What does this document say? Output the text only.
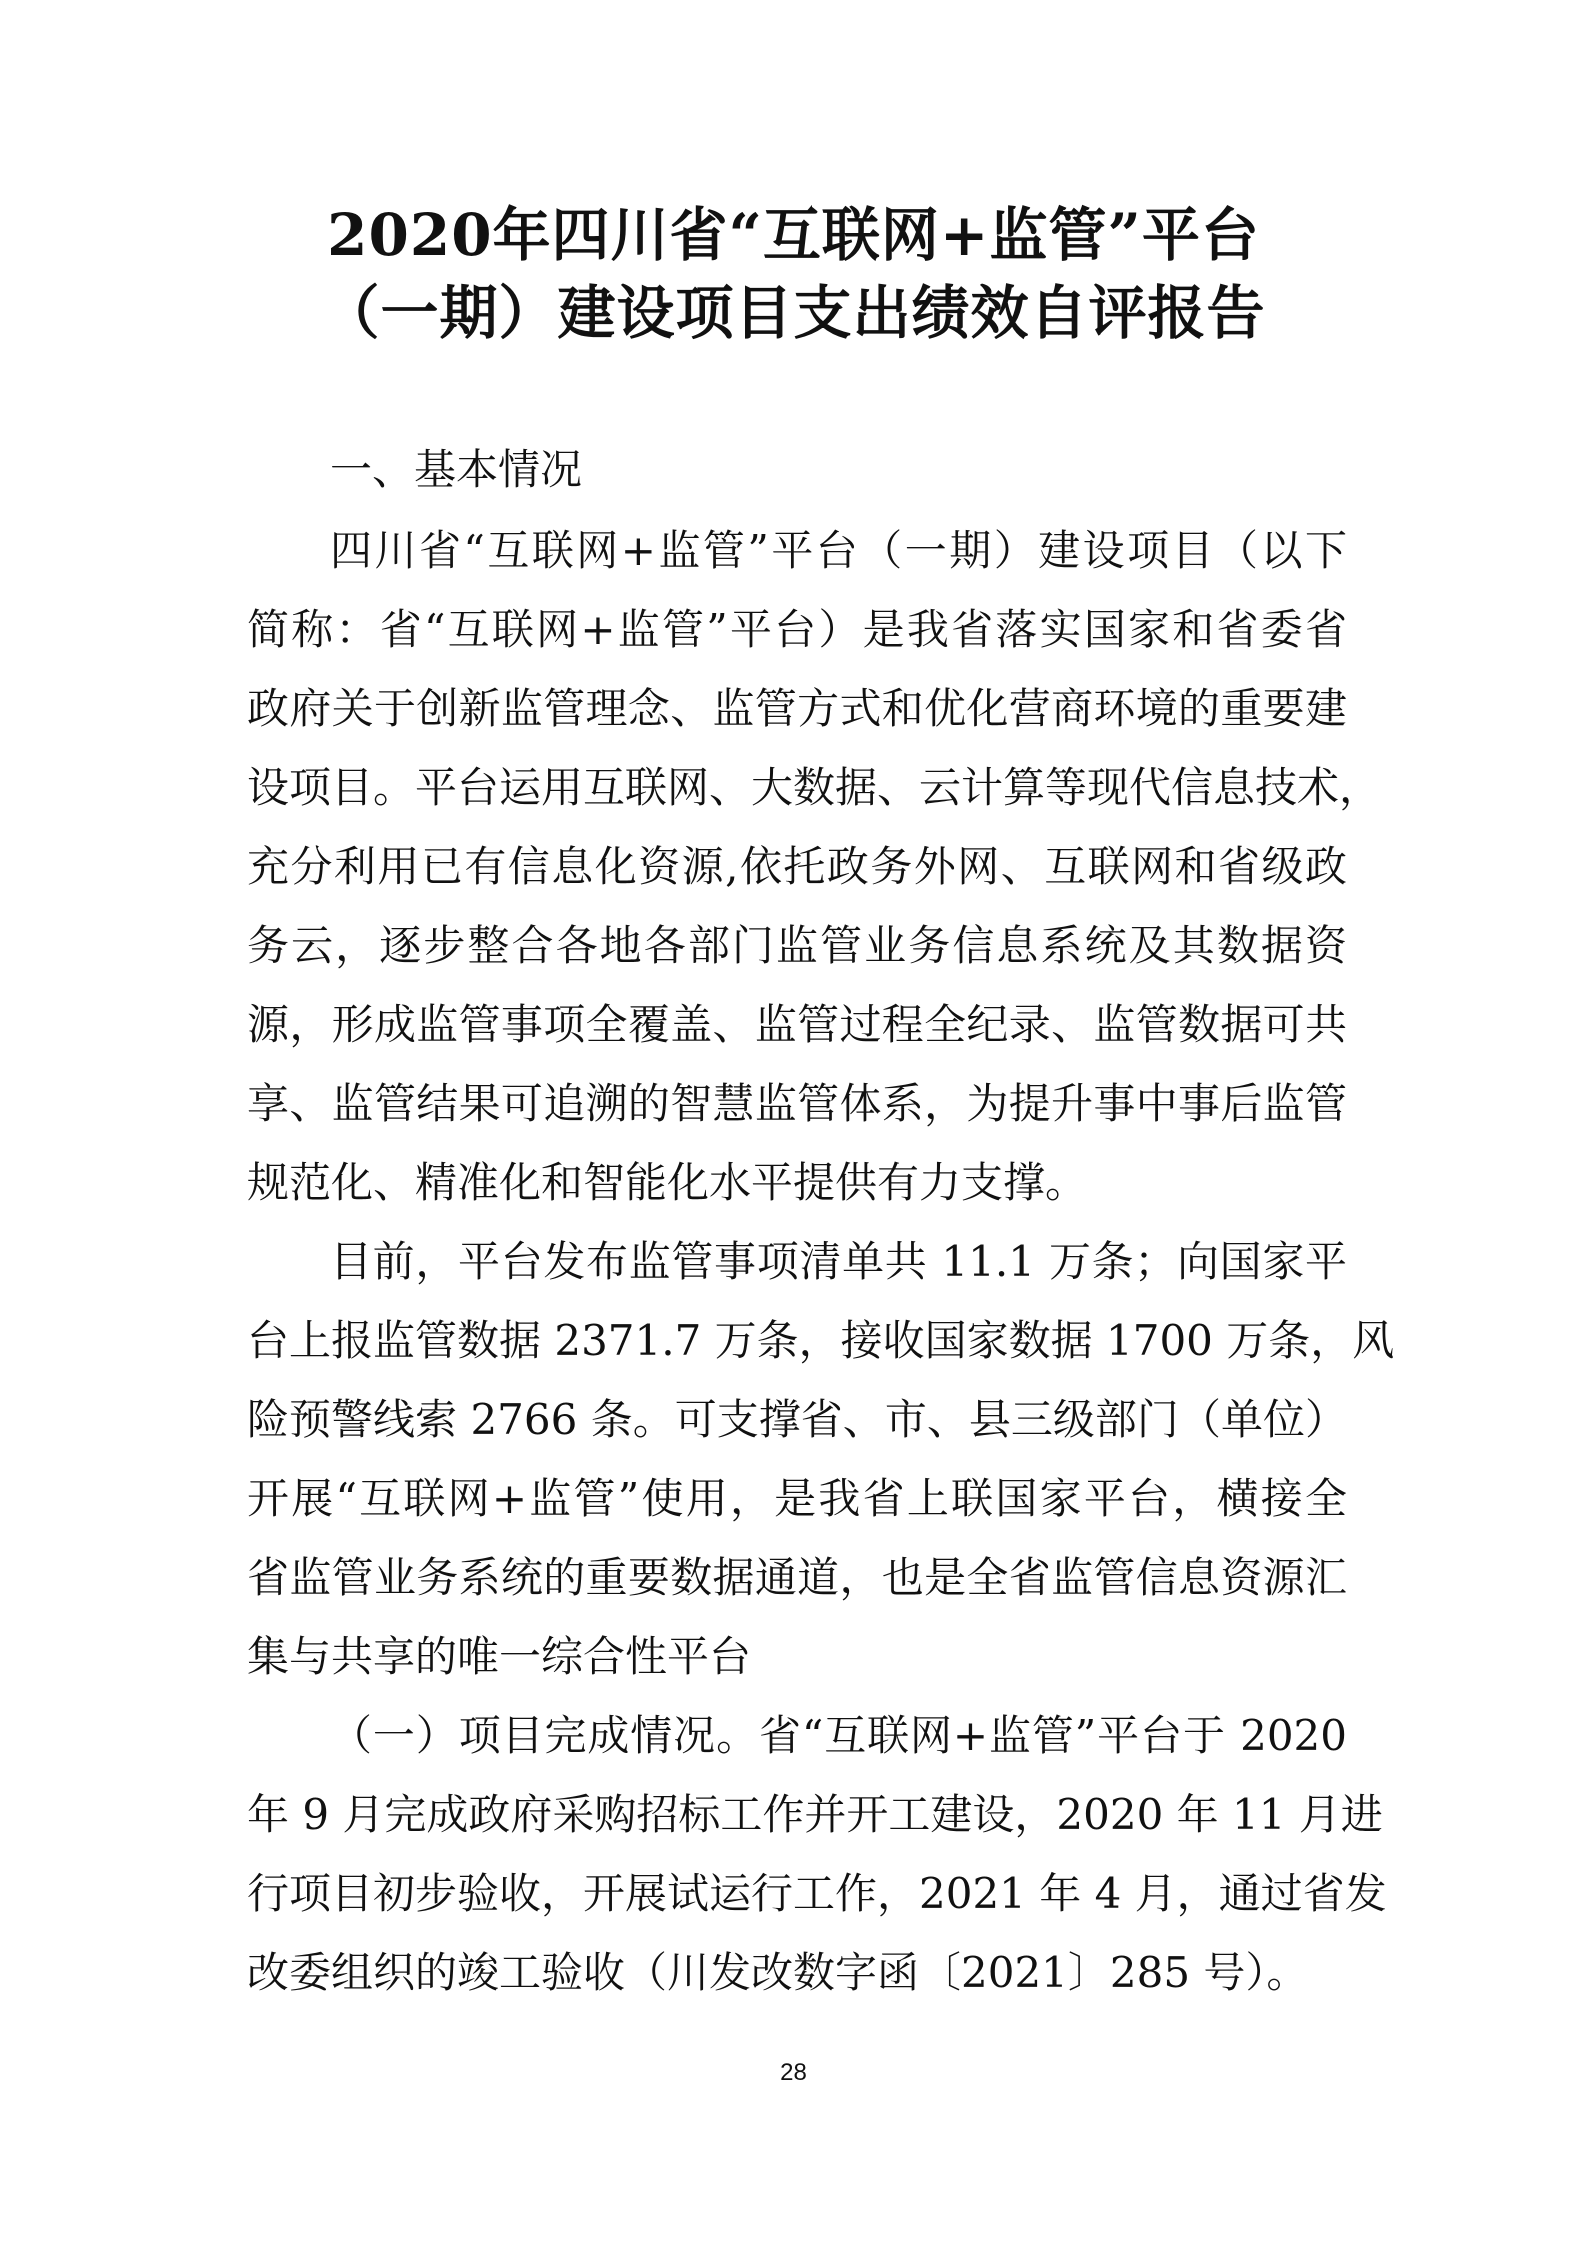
2020年四川省“互联网+监管”平台
（一期）建设项目支出绩效自评报告
一、基本情况
四川省“互联网+监管”平台（一期）建设项目（以下
简称：省“互联网+监管”平台）是我省落实国家和省委省
政府关于创新监管理念、监管方式和优化营商环境的重要建
设项目。平台运用互联网、大数据、云计算等现代信息技术，
充分利用已有信息化资源,依托政务外网、互联网和省级政
务云，逐步整合各地各部门监管业务信息系统及其数据资
源，形成监管事项全覆盖、监管过程全纪录、监管数据可共
享、监管结果可追溯的智慧监管体系，为提升事中事后监管
规范化、精准化和智能化水平提供有力支撑。
目前，平台发布监管事项清单共 11.1 万条；向国家平
台上报监管数据 2371.7 万条，接收国家数据 1700 万条，风
险预警线索 2766 条。可支撑省、市、县三级部门（单位）
开展“互联网+监管”使用，是我省上联国家平台，横接全
省监管业务系统的重要数据通道，也是全省监管信息资源汇
集与共享的唯一综合性平台
（一）项目完成情况。省“互联网+监管”平台于 2020
年 9 月完成政府采购招标工作并开工建设，2020 年 11 月进
行项目初步验收，开展试运行工作，2021 年 4 月，通过省发
改委组织的竣工验收（川发改数字函〔2021〕285 号）。
28
